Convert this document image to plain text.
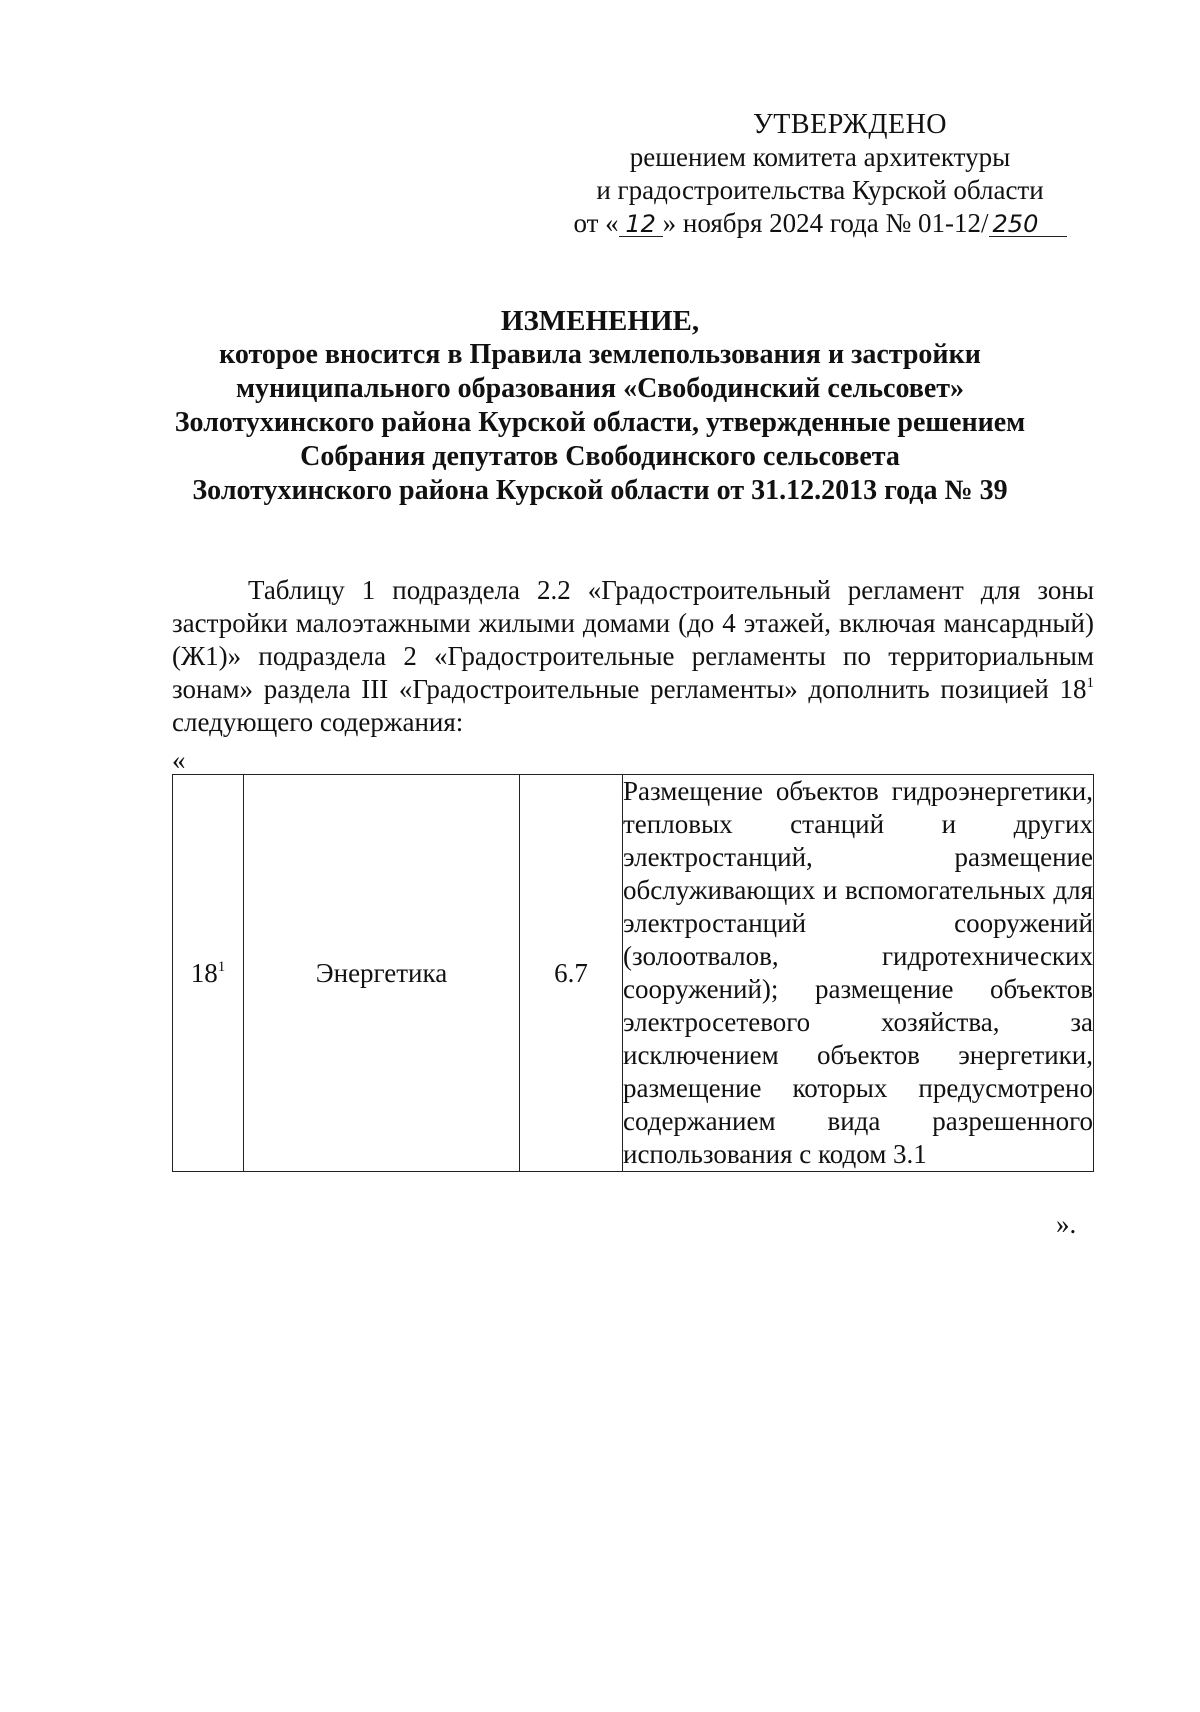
УТВЕРЖДЕНО
решением комитета архитектуры
и градостроительства Курской области
от « 12 » ноября 2024 года № 01-12/ 250
ИЗМЕНЕНИЕ,
которое вносится в Правила землепользования и застройки
муниципального образования «Свободинский сельсовет»
Золотухинского района Курской области, утвержденные решением
Собрания депутатов Свободинского сельсовета
Золотухинского района Курской области от 31.12.2013 года № 39
Таблицу 1 подраздела 2.2 «Градостроительный регламент для зоны застройки малоэтажными жилыми домами (до 4 этажей, включая мансардный) (Ж1)» подраздела 2 «Градостроительные регламенты по территориальным зонам» раздела III «Градостроительные регламенты» дополнить позицией $18^1$ следующего содержания:
«
$18^1$	Энергетика	6.7	Размещение объектов гидроэнергетики, тепловых станций и других электростанций, размещение обслуживающих и вспомогательных для электростанций сооружений (золоотвалов, гидротехнических сооружений); размещение объектов электросетевого хозяйства, за исключением объектов энергетики, размещение которых предусмотрено содержанием вида разрешенного использования с кодом 3.1
».
